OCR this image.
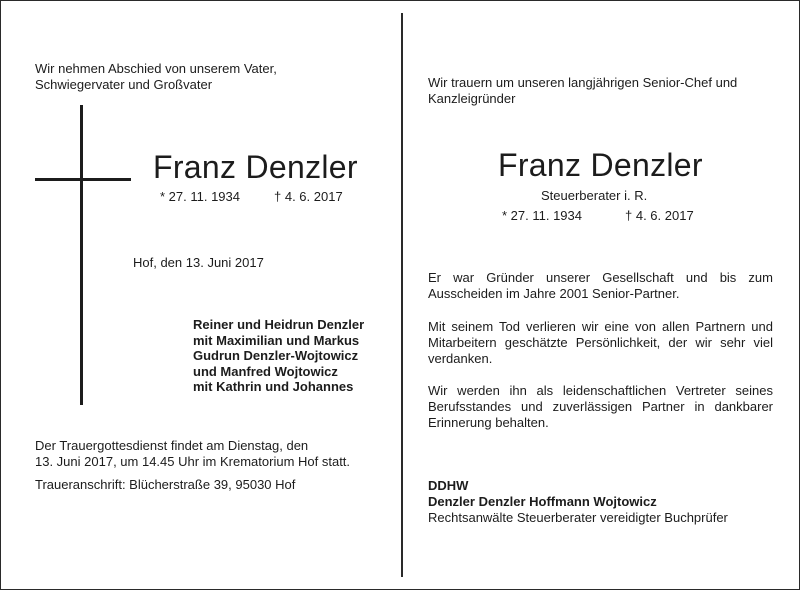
Wir nehmen Abschied von unserem Vater,
Schwiegervater und Großvater
Franz Denzler
* 27. 11. 1934	† 4. 6. 2017
Hof, den 13. Juni 2017
Reiner und Heidrun Denzler
mit Maximilian und Markus
Gudrun Denzler-Wojtowicz
und Manfred Wojtowicz
mit Kathrin und Johannes
Der Trauergottesdienst findet am Dienstag, den
13. Juni 2017, um 14.45 Uhr im Krematorium Hof statt.
Traueranschrift: Blücherstraße 39, 95030 Hof
Wir trauern um unseren langjährigen Senior-Chef und
Kanzleigründer
Franz Denzler
Steuerberater i. R.
* 27. 11. 1934	† 4. 6. 2017
Er war Gründer unserer Gesellschaft und bis zum Ausscheiden im Jahre 2001 Senior-Partner.
Mit seinem Tod verlieren wir eine von allen Partnern und Mitarbeitern geschätzte Persönlichkeit, der wir sehr viel verdanken.
Wir werden ihn als leidenschaftlichen Vertreter seines Berufsstandes und zuverlässigen Partner in dankbarer Erinnerung behalten.
DDHW
Denzler Denzler Hoffmann Wojtowicz
Rechtsanwälte Steuerberater vereidigter Buchprüfer
